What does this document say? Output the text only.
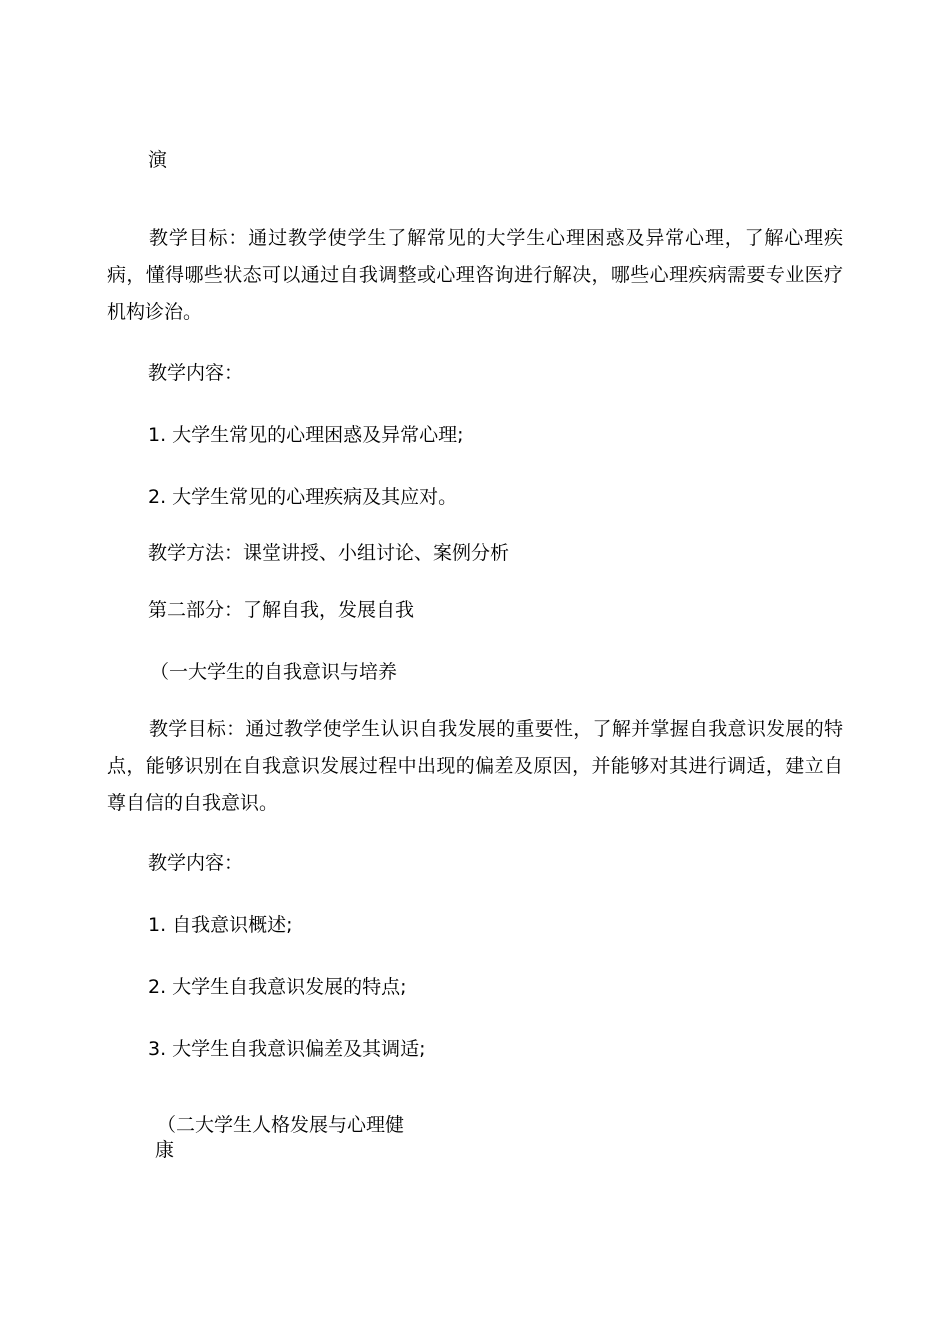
演
教学目标：通过教学使学生了解常见的大学生心理困惑及异常心理，了解心理疾病，懂得哪些状态可以通过自我调整或心理咨询进行解决，哪些心理疾病需要专业医疗机构诊治。
教学内容：
1. 大学生常见的心理困惑及异常心理;
2. 大学生常见的心理疾病及其应对。
教学方法：课堂讲授、小组讨论、案例分析
第二部分：了解自我，发展自我
（一大学生的自我意识与培养
教学目标：通过教学使学生认识自我发展的重要性，了解并掌握自我意识发展的特点，能够识别在自我意识发展过程中出现的偏差及原因，并能够对其进行调适，建立自尊自信的自我意识。
教学内容：
1. 自我意识概述;
2. 大学生自我意识发展的特点;
3. 大学生自我意识偏差及其调适;
（二大学生人格发展与心理健
康
